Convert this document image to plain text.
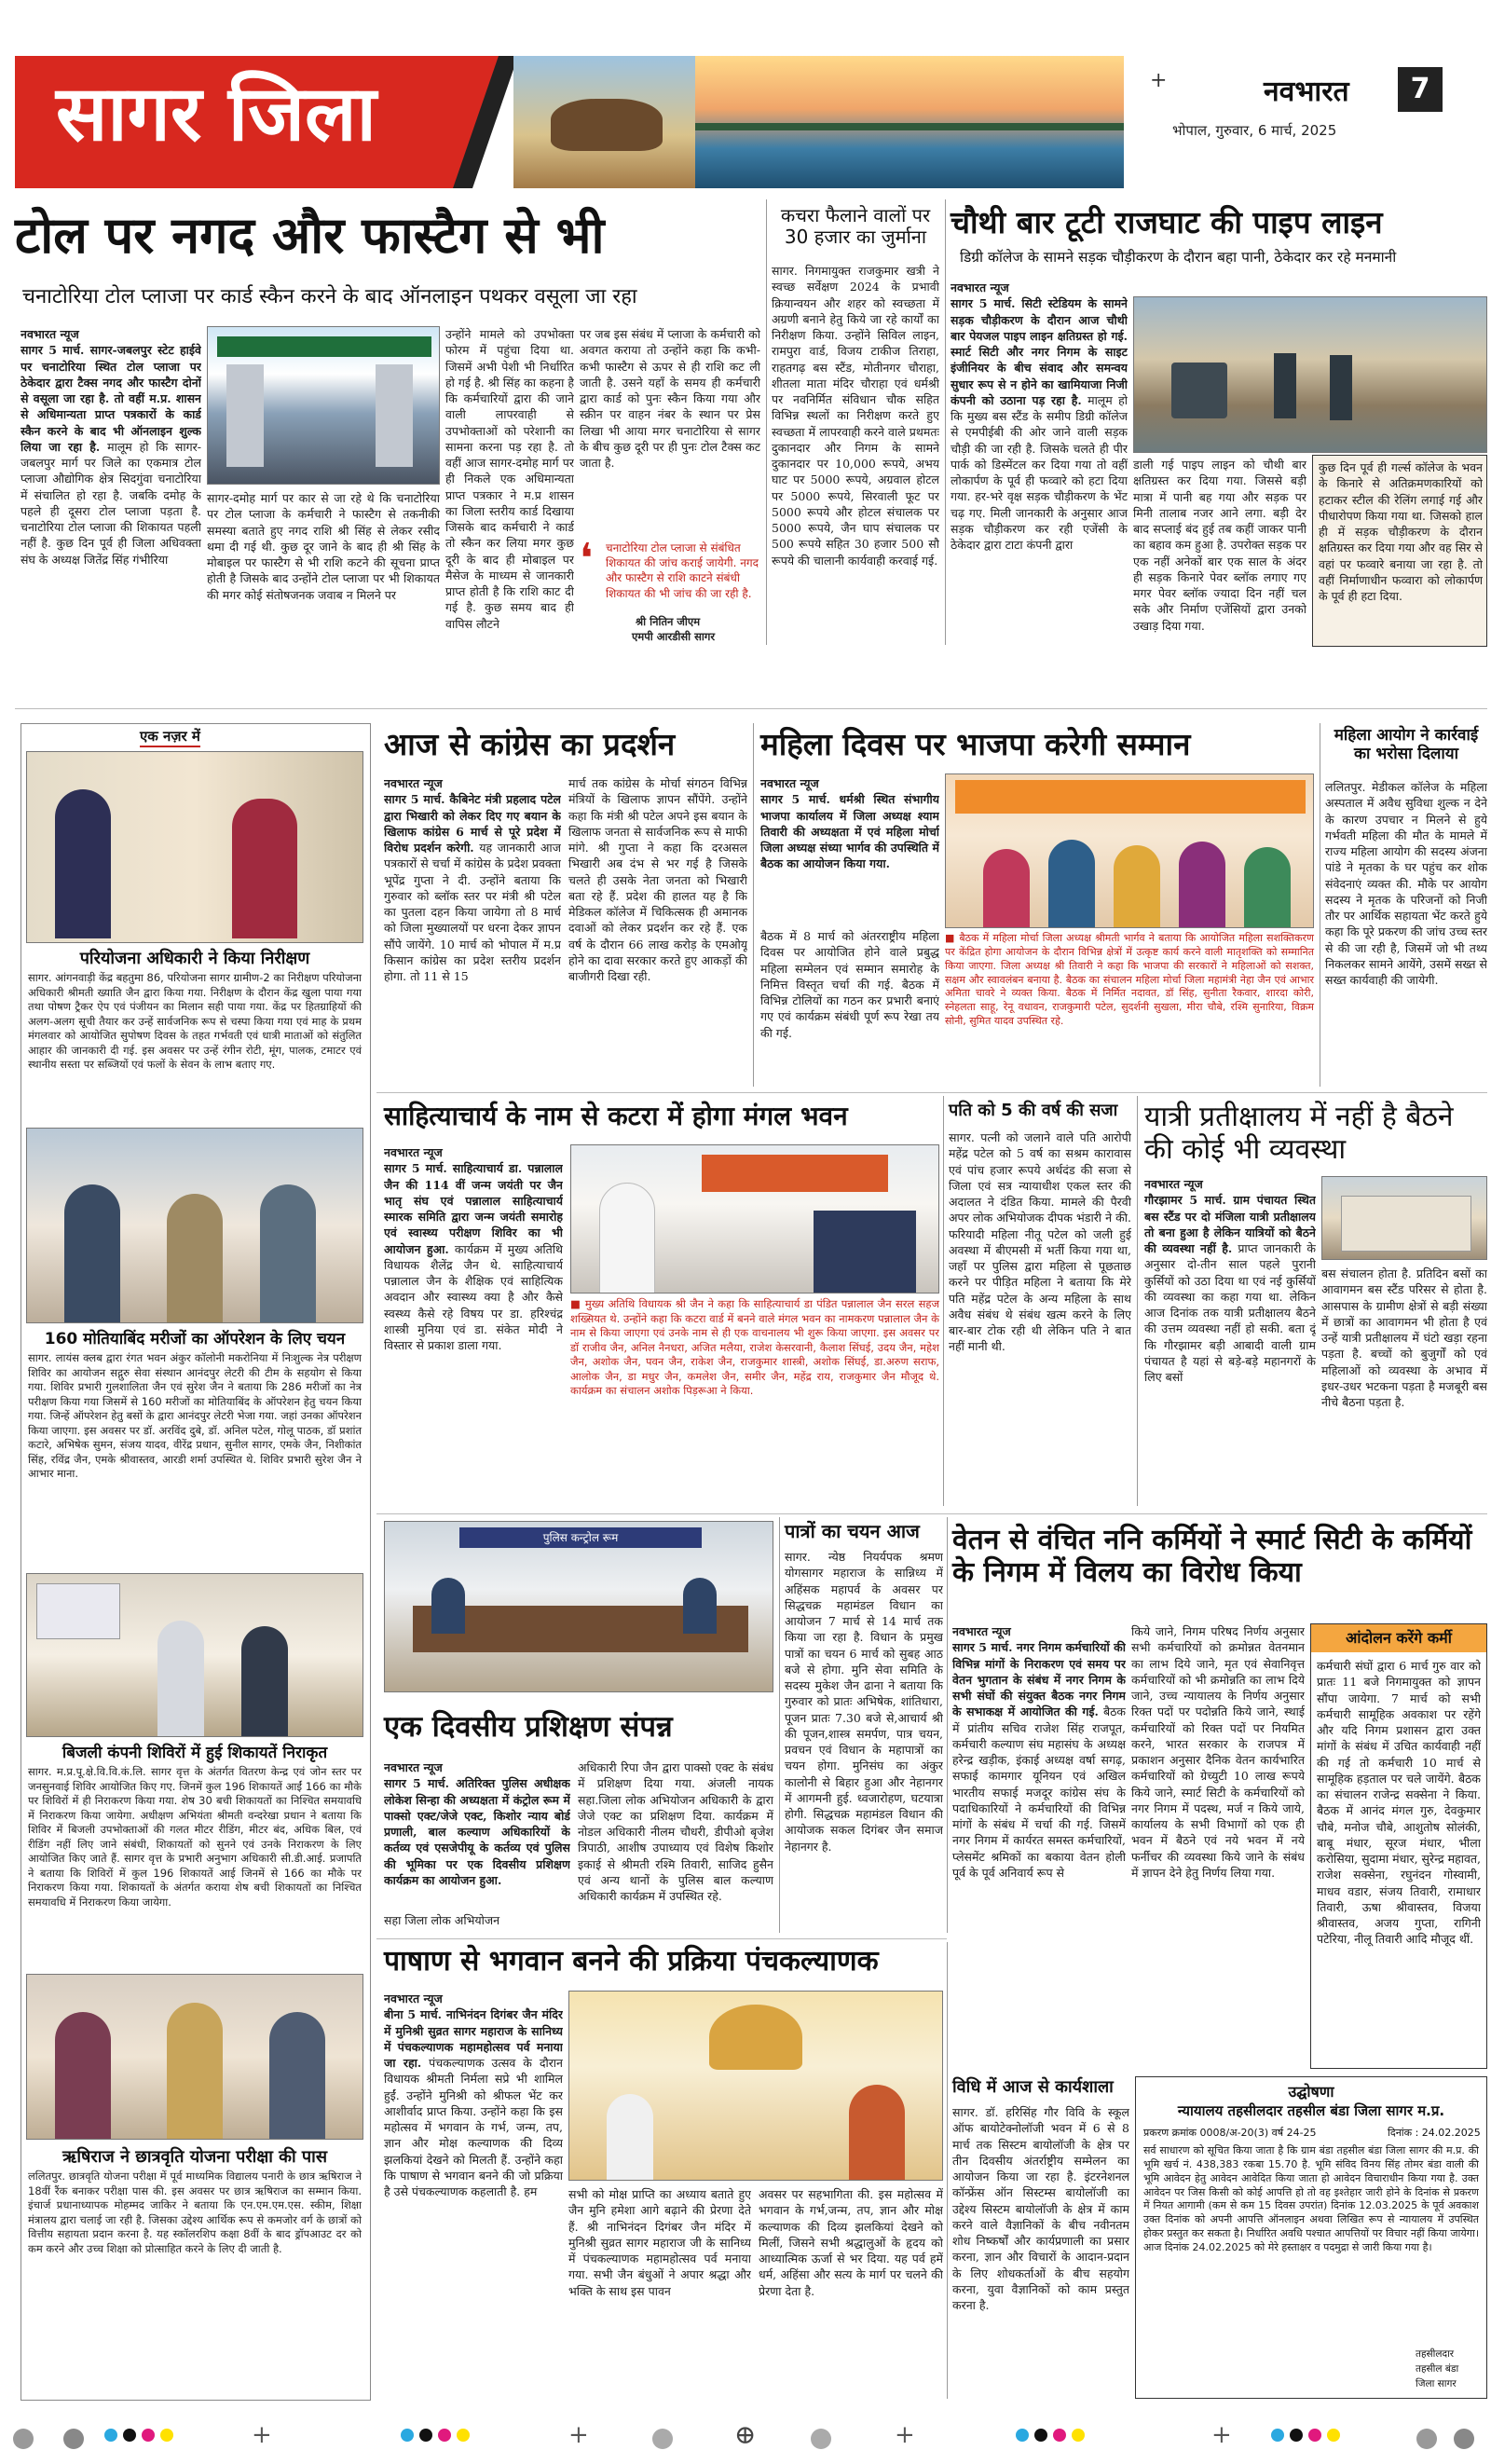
सागर जिला	+	नवभारत	7
भोपाल, गुरुवार, 6 मार्च, 2025
टोल पर नगद और फास्टैग से भी
चनाटोरिया टोल प्लाजा पर कार्ड स्कैन करने के बाद ऑनलाइन पथकर वसूला जा रहा
नवभारत न्यूज
सागर 5 मार्च. सागर-जबलपुर स्टेट हाईवे पर चनाटोरिया स्थित टोल प्लाजा पर ठेकेदार द्वारा टैक्स नगद और फास्टैग दोनों से वसूला जा रहा है. तो वहीं म.प्र. शासन से अधिमान्यता प्राप्त पत्रकारों के कार्ड स्कैन करने के बाद भी ऑनलाइन शुल्क लिया जा रहा है. मालूम हो कि सागर-जबलपुर मार्ग पर जिले का एकमात्र टोल प्लाजा औद्योगिक क्षेत्र सिदगुंवा चनाटोरिया में संचालित हो रहा है. जबकि दमोह के पहले ही दूसरा टोल प्लाजा पड़ता है. चनाटोरिया टोल प्लाजा की शिकायत पहली नहीं है. कुछ दिन पूर्व ही जिला अधिवक्ता संघ के अध्यक्ष जितेंद्र सिंह गंभीरिया
सागर-दमोह मार्ग पर कार से जा रहे थे कि चनाटोरिया पर टोल प्लाजा के कर्मचारी ने फास्टैग से तकनीकी समस्या बताते हुए नगद राशि श्री सिंह से लेकर रसीद थमा दी गई थी. कुछ दूर जाने के बाद ही श्री सिंह के मोबाइल पर फास्टैग से भी राशि कटने की सूचना प्राप्त होती है जिसके बाद उन्होंने टोल प्लाजा पर भी शिकायत की मगर कोई संतोषजनक जवाब न मिलने पर
उन्होंने मामले को उपभोक्ता फोरम में पहुंचा दिया था. जिसमें अभी पेशी भी निर्धारित हो गई है. श्री सिंह का कहना है कि कर्मचारियों द्वारा की जाने वाली लापरवाही से उपभोक्ताओं को परेशानी का सामना करना पड़ रहा है. तो वहीं आज सागर-दमोह मार्ग पर ही निकले एक अधिमान्यता प्राप्त पत्रकार ने म.प्र शासन का जिला स्तरीय कार्ड दिखाया जिसके बाद कर्मचारी ने कार्ड तो स्कैन कर लिया मगर कुछ दूरी के बाद ही मोबाइल पर मैसेज के माध्यम से जानकारी प्राप्त होती है कि राशि काट दी गई है. कुछ समय बाद ही वापिस लौटने
पर जब इस संबंध में प्लाजा के कर्मचारी को अवगत कराया तो उन्होंने कहा कि कभी-कभी फास्टैग से ऊपर से ही राशि कट ली जाती है. उसने यहाँ के समय ही कर्मचारी द्वारा कार्ड को पुनः स्कैन किया गया और स्क्रीन पर वाहन नंबर के स्थान पर प्रेस लिखा भी आया मगर चनाटोरिया से सागर के बीच कुछ दूरी पर ही पुनः टोल टैक्स कट जाता है.
❛ चनाटोरिया टोल प्लाजा से संबंधित शिकायत की जांच कराई जायेगी. नगद और फास्टैग से राशि काटने संबंधी शिकायत की भी जांच की जा रही है.
श्री नितिन जीएम
एमपी आरडीसी सागर
कचरा फैलाने वालों पर 30 हजार का जुर्माना
सागर. निगमायुक्त राजकुमार खत्री ने स्वच्छ सर्वेक्षण 2024 के प्रभावी क्रियान्वयन और शहर को स्वच्छता में अग्रणी बनाने हेतु किये जा रहे कार्यों का निरीक्षण किया. उन्होंने सिविल लाइन, रामपुरा वार्ड, विजय टाकीज तिराहा, राहतगढ़ बस स्टैंड, मोतीनगर चौराहा, शीतला माता मंदिर चौराहा एवं धर्मश्री पर नवनिर्मित संविधान चौक सहित विभिन्न स्थलों का निरीक्षण करते हुए स्वच्छता में लापरवाही करने वाले प्रथमतः दुकानदार और निगम के सामने दुकानदार पर 10,000 रूपये, अभय घाट पर 5000 रूपये, अग्रवाल होटल पर 5000 रूपये, सिरवाली फूट पर 5000 रूपये और होटल संचालक पर 5000 रूपये, जैन घाप संचालक पर 500 रूपये सहित 30 हजार 500 सौ रूपये की चालानी कार्यवाही करवाई गई.
चौथी बार टूटी राजघाट की पाइप लाइन
डिग्री कॉलेज के सामने सड़क चौड़ीकरण के दौरान बहा पानी, ठेकेदार कर रहे मनमानी
नवभारत न्यूज
सागर 5 मार्च. सिटी स्टेडियम के सामने सड़क चौड़ीकरण के दौरान आज चौथी बार पेयजल पाइप लाइन क्षतिग्रस्त हो गई. स्मार्ट सिटी और नगर निगम के साइट इंजीनियर के बीच संवाद और समन्वय सुधार रूप से न होने का खामियाजा निजी कंपनी को उठाना पड़ रहा है. मालूम हो कि मुख्य बस स्टैंड के समीप डिग्री कॉलेज से एमपीईबी की ओर जाने वाली सड़क चौड़ी की जा रही है. जिसके चलते ही पीर पार्क को डिस्मेंटल कर दिया गया तो वहीं लोकार्पण के पूर्व ही फव्वारे को हटा दिया गया. हर-भरे वृक्ष सड़क चौड़ीकरण के भेंट चढ़ गए. मिली जानकारी के अनुसार आज सड़क चौड़ीकरण कर रही एजेंसी के ठेकेदार द्वारा टाटा कंपनी द्वारा
डाली गई पाइप लाइन को चौथी बार क्षतिग्रस्त कर दिया गया. जिससे बड़ी मात्रा में पानी बह गया और सड़क पर मिनी तालाब नजर आने लगा. बड़ी देर बाद सप्लाई बंद हुई तब कहीं जाकर पानी का बहाव कम हुआ है. उपरोक्त सड़क पर एक नहीं अनेकों बार एक साल के अंदर ही सड़क किनारे पेवर ब्लॉक लगाए गए मगर पेवर ब्लॉक ज्यादा दिन नहीं चल सके और निर्माण एजेंसियों द्वारा उनको उखाड़ दिया गया.
कुछ दिन पूर्व ही गर्ल्स कॉलेज के भवन के किनारे से अतिक्रमणकारियों को हटाकर स्टील की रेलिंग लगाई गई और पीधारोपण किया गया था. जिसको हाल ही में सड़क चौड़ीकरण के दौरान क्षतिग्रस्त कर दिया गया और वह सिर से वहां पर फव्वारे बनाया जा रहा है. तो वहीं निर्माणाधीन फव्वारा को लोकार्पण के पूर्व ही हटा दिया.
एक नज़र में
परियोजना अधिकारी ने किया निरीक्षण
सागर. आंगनवाड़ी केंद्र बहतुमा 86, परियोजना सागर ग्रामीण-2 का निरीक्षण परियोजना अधिकारी श्रीमती ख्याति जैन द्वारा किया गया. निरीक्षण के दौरान केंद्र खुला पाया गया तथा पोषण ट्रैकर ऐप एवं पंजीयन का मिलान सही पाया गया. केंद्र पर हितग्राहियों की अलग-अलग सूची तैयार कर उन्हें सार्वजनिक रूप से चस्पा किया गया एवं माह के प्रथम मंगलवार को आयोजित सुपोषण दिवस के तहत गर्भवती एवं धात्री माताओं को संतुलित आहार की जानकारी दी गई. इस अवसर पर उन्हें रंगीन रोटी, मूंग, पालक, टमाटर एवं स्थानीय सस्ता पर सब्जियों एवं फलों के सेवन के लाभ बताए गए.
160 मोतियाबिंद मरीजों का ऑपरेशन के लिए चयन
सागर. लायंस क्लब द्वारा रंगत भवन अंकुर कॉलोनी मकरोनिया में निःशुल्क नेत्र परीक्षण शिविर का आयोजन सद्गुरु सेवा संस्थान आनंदपुर लेटरी की टीम के सहयोग से किया गया. शिविर प्रभारी गुलशालिता जैन एवं सुरेश जैन ने बताया कि 286 मरीजों का नेत्र परीक्षण किया गया जिसमें से 160 मरीजों का मोतियाबिंद के ऑपरेशन हेतु चयन किया गया. जिन्हें ऑपरेशन हेतु बसों के द्वारा आनंदपुर लेटरी भेजा गया. जहां उनका ऑपरेशन किया जाएगा. इस अवसर पर डॉ. अरविंद दुबे, डॉ. अनिल पटेल, गोलू पाठक, डॉ प्रशांत कटारे, अभिषेक सुमन, संजय यादव, वीरेंद्र प्रधान, सुनील सागर, एमके जैन, निशीकांत सिंह, रविंद्र जैन, एमके श्रीवास्तव, आरडी शर्मा उपस्थित थे. शिविर प्रभारी सुरेश जैन ने आभार माना.
बिजली कंपनी शिविरों में हुई शिकायतें निराकृत
सागर. म.प्र.पू.क्षे.वि.वि.कं.लि. सागर वृत्त के अंतर्गत वितरण केन्द्र एवं जोन स्तर पर जनसुनवाई शिविर आयोजित किए गए. जिनमें कुल 196 शिकायतें आईं 166 का मौके पर शिविरों में ही निराकरण किया गया. शेष 30 बची शिकायतों का निश्चित समयावधि में निराकरण किया जायेगा. अधीक्षण अभियंता श्रीमती वन्दरेखा प्रधान ने बताया कि शिविर में बिजली उपभोक्ताओं की गलत मीटर रीडिंग, मीटर बंद, अधिक बिल, एवं रीडिंग नहीं लिए जाने संबंधी, शिकायतों को सुनने एवं उनके निराकरण के लिए आयोजित किए जाते हैं. सागर वृत्त के प्रभारी अनुभाग अधिकारी सी.डी.आई. प्रजापति ने बताया कि शिविरों में कुल 196 शिकायतें आई जिनमें से 166 का मौके पर निराकरण किया गया. शिकायतों के अंतर्गत कराया शेष बची शिकायतों का निश्चित समयावधि में निराकरण किया जायेगा.
ऋषिराज ने छात्रवृति योजना परीक्षा की पास
ललितपुर. छात्रवृति योजना परीक्षा में पूर्व माध्यमिक विद्यालय पनारी के छात्र ऋषिराज ने 18वीं रैंक बनाकर परीक्षा पास की. इस अवसर पर छात्र ऋषिराज का सम्मान किया. इंचार्ज प्रधानाध्यापक मोहम्मद जाकिर ने बताया कि एन.एम.एम.एस. स्कीम, शिक्षा मंत्रालय द्वारा चलाई जा रही है. जिसका उद्देश्य आर्थिक रूप से कमजोर वर्ग के छात्रों को वित्तीय सहायता प्रदान करना है. यह स्कॉलरशिप कक्षा 8वीं के बाद ड्रॉपआउट दर को कम करने और उच्च शिक्षा को प्रोत्साहित करने के लिए दी जाती है.
आज से कांग्रेस का प्रदर्शन
नवभारत न्यूज
सागर 5 मार्च. कैबिनेट मंत्री प्रहलाद पटेल द्वारा भिखारी को लेकर दिए गए बयान के खिलाफ कांग्रेस 6 मार्च से पूरे प्रदेश में विरोध प्रदर्शन करेगी. यह जानकारी आज पत्रकारों से चर्चा में कांग्रेस के प्रदेश प्रवक्ता भूपेंद्र गुप्ता ने दी. उन्होंने बताया कि गुरुवार को ब्लॉक स्तर पर मंत्री श्री पटेल का पुतला दहन किया जायेगा तो 8 मार्च को जिला मुख्यालयों पर धरना देकर ज्ञापन सौंपे जायेंगे. 10 मार्च को भोपाल में म.प्र किसान कांग्रेस का प्रदेश स्तरीय प्रदर्शन होगा. तो 11 से 15
मार्च तक कांग्रेस के मोर्चा संगठन विभिन्न मंत्रियों के खिलाफ ज्ञापन सौंपेंगे. उन्होंने कहा कि मंत्री श्री पटेल अपने इस बयान के खिलाफ जनता से सार्वजनिक रूप से माफी मांगे. श्री गुप्ता ने कहा कि दरअसल भिखारी अब दंभ से भर गई है जिसके चलते ही उसके नेता जनता को भिखारी बता रहे हैं. प्रदेश की हालत यह है कि मेडिकल कॉलेज में चिकित्सक ही अमानक दवाओं को लेकर प्रदर्शन कर रहे हैं. एक वर्ष के दौरान 66 लाख करोड़ के एमओयू होने का दावा सरकार करते हुए आकड़ों की बाजीगरी दिखा रही.
महिला दिवस पर भाजपा करेगी सम्मान
नवभारत न्यूज
सागर 5 मार्च. धर्मश्री स्थित संभागीय भाजपा कार्यालय में जिला अध्यक्ष श्याम तिवारी की अध्यक्षता में एवं महिला मोर्चा जिला अध्यक्ष संध्या भार्गव की उपस्थिति में बैठक का आयोजन किया गया.
बैठक में 8 मार्च को अंतरराष्ट्रीय महिला दिवस पर आयोजित होने वाले प्रबुद्ध महिला सम्मेलन एवं सम्मान समारोह के निमित्त विस्तृत चर्चा की गई. बैठक में विभिन्न टोलियों का गठन कर प्रभारी बनाएं गए एवं कार्यक्रम संबंधी पूर्ण रूप रेखा तय की गई.
■ बैठक में महिला मोर्चा जिला अध्यक्ष श्रीमती भार्गव ने बताया कि आयोजित महिला सशक्तिकरण पर केंद्रित होगा आयोजन के दौरान विभिन्न क्षेत्रों में उत्कृष्ट कार्य करने वाली मातृशक्ति को सम्मानित किया जाएगा. जिला अध्यक्ष श्री तिवारी ने कहा कि भाजपा की सरकारों ने महिलाओं को सशक्त, सक्षम और स्वावलंबन बनाया है. बैठक का संचालन महिला मोर्चा जिला महामंत्री नेहा जैन एवं आभार अमिता चावरे ने व्यक्त किया. बैठक में निर्मित नदावत, डॉ सिंह, सुनीता रैकवार, शारदा कोरी, स्नेहलता साहू, रेनू वधावन, राजकुमारी पटेल, सुदर्शनी सुखला, मीरा चौबे, रश्मि सुनारिया, विक्रम सोनी, सुमित यादव उपस्थित रहे.
महिला आयोग ने कार्रवाई का भरोसा दिलाया
ललितपुर. मेडीकल कॉलेज के महिला अस्पताल में अवैध सुविधा शुल्क न देने के कारण उपचार न मिलने से हुये गर्भवती महिला की मौत के मामले में राज्य महिला आयोग की सदस्य अंजना पांडे ने मृतका के घर पहुंच कर शोक संवेदनाएं व्यक्त की. मौके पर आयोग सदस्य ने मृतक के परिजनों को निजी तौर पर आर्थिक सहायता भेंट करते हुये कहा कि पूरे प्रकरण की जांच उच्च स्तर से की जा रही है, जिसमें जो भी तथ्य निकलकर सामने आयेंगे, उसमें सख्त से सख्त कार्यवाही की जायेगी.
साहित्याचार्य के नाम से कटरा में होगा मंगल भवन
नवभारत न्यूज
सागर 5 मार्च. साहित्याचार्य डा. पन्नालाल जैन की 114 वीं जन्म जयंती पर जैन भातृ संघ एवं पन्नालाल साहित्याचार्य स्मारक समिति द्वारा जन्म जयंती समारोह एवं स्वास्थ्य परीक्षण शिविर का भी आयोजन हुआ. कार्यक्रम में मुख्य अतिथि विधायक शैलेंद्र जैन थे. साहित्याचार्य पन्नालाल जैन के शैक्षिक एवं साहित्यिक अवदान और स्वास्थ्य क्या है और कैसे स्वस्थ्य कैसे रहे विषय पर डा. हरिश्चंद्र शास्त्री मुनिया एवं डा. संकेत मोदी ने विस्तार से प्रकाश डाला गया.
■ मुख्य अतिथि विधायक श्री जैन ने कहा कि साहित्याचार्य डा पंडित पन्नालाल जैन सरल सहज शख्सियत थे. उन्होंने कहा कि कटरा वार्ड में बनने वाले मंगल भवन का नामकरण पन्नालाल जैन के नाम से किया जाएगा एवं उनके नाम से ही एक वाचनालय भी शुरू किया जाएगा. इस अवसर पर डॉ राजीव जैन, अनिल नैनधरा, अजित मलैया, राजेश केसरवानी, कैलाश सिंघई, उदय जैन, महेश जैन, अशोक जैन, पवन जैन, राकेश जैन, राजकुमार शास्त्री, अशोक सिंघई, डा.अरुण सराफ, आलोक जैन, डा मधुर जैन, कमलेश जैन, समीर जैन, महेंद्र राय, राजकुमार जैन मौजूद थे. कार्यक्रम का संचालन अशोक पिड़रूआ ने किया.
पति को 5 की वर्ष की सजा
सागर. पत्नी को जलाने वाले पति आरोपी महेंद्र पटेल को 5 वर्ष का सश्रम कारावास एवं पांच हजार रूपये अर्थदंड की सजा से जिला एवं सत्र न्यायाधीश एकल स्तर की अदालत ने दंडित किया. मामले की पैरवी अपर लोक अभियोजक दीपक भंडारी ने की. फरियादी महिला नीतू पटेल को जली हुई अवस्था में बीएमसी में भर्ती किया गया था, जहाँ पर पुलिस द्वारा महिला से पूछताछ करने पर पीड़ित महिला ने बताया कि मेरे पति महेंद्र पटेल के अन्य महिला के साथ अवैध संबंध थे संबंध खत्म करने के लिए बार-बार टोक रही थी लेकिन पति ने बात नहीं मानी थी.
यात्री प्रतीक्षालय में नहीं है बैठने की कोई भी व्यवस्था
नवभारत न्यूज
गौरझामर 5 मार्च. ग्राम पंचायत स्थित बस स्टैंड पर दो मंजिला यात्री प्रतीक्षालय तो बना हुआ है लेकिन यात्रियों को बैठने की व्यवस्था नहीं है. प्राप्त जानकारी के अनुसार दो-तीन साल पहले पुरानी कुर्सियों को उठा दिया था एवं नई कुर्सियों की व्यवस्था का कहा गया था. लेकिन आज दिनांक तक यात्री प्रतीक्षालय बैठने की उत्तम व्यवस्था नहीं हो सकी. बता दूं कि गौरझामर बड़ी आबादी वाली ग्राम पंचायत है यहां से बड़े-बड़े महानगरों के लिए बसों
बस संचालन होता है. प्रतिदिन बसों का आवागमन बस स्टैंड परिसर से होता है. आसपास के ग्रामीण क्षेत्रों से बड़ी संख्या में छात्रों का आवागमन भी होता है एवं उन्हें यात्री प्रतीक्षालय में घंटो खड़ा रहना पड़ता है. बच्चों को बुजुर्गों को एवं महिलाओं को व्यवस्था के अभाव में इधर-उधर भटकना पड़ता है मजबूरी बस नीचे बैठना पड़ता है.
पुलिस कन्ट्रोल रूम
एक दिवसीय प्रशिक्षण संपन्न
नवभारत न्यूज
सागर 5 मार्च. अतिरिक्त पुलिस अधीक्षक लोकेश सिन्हा की अध्यक्षता में कंट्रोल रूम में पाक्सो एक्ट/जेजे एक्ट, किशोर न्याय बोर्ड प्रणाली, बाल कल्याण अधिकारियों के कर्तव्य एवं एसजेपीयू के कर्तव्य एवं पुलिस की भूमिका पर एक दिवसीय प्रशिक्षण कार्यक्रम का आयोजन हुआ.
सहा जिला लोक अभियोजन
अधिकारी रिपा जैन द्वारा पाक्सो एक्ट के संबंध में प्रशिक्षण दिया गया. अंजली नायक सहा.जिला लोक अभियोजन अधिकारी के द्वारा जेजे एक्ट का प्रशिक्षण दिया. कार्यक्रम में नोडल अधिकारी नीलम चौधरी, डीपीओ बृजेश त्रिपाठी, आशीष उपाध्याय एवं विशेष किशोर इकाई से श्रीमती रश्मि तिवारी, साजिद हुसैन एवं अन्य थानों के पुलिस बाल कल्याण अधिकारी कार्यक्रम में उपस्थित रहे.
पात्रों का चयन आज
सागर. न्येष्ठ नियर्यपक श्रमण योगसागर महाराज के सान्निध्य में अहिंसक महापर्व के अवसर पर सिद्धचक्र महामंडल विधान का आयोजन 7 मार्च से 14 मार्च तक किया जा रहा है. विधान के प्रमुख पात्रों का चयन 6 मार्च को सुबह आठ बजे से होगा. मुनि सेवा समिति के सदस्य मुकेश जैन ढाना ने बताया कि गुरुवार को प्रातः अभिषेक, शांतिधारा, पूजन प्रातः 7.30 बजे से,आचार्य श्री की पूजन,शास्त्र समर्पण, पात्र चयन, प्रवचन एवं विधान के महापात्रों का चयन होगा. मुनिसंघ का अंकुर कालोनी से बिहार हुआ और नेहानगर में आगमनी हुई. ध्वजारोहण, घटयात्रा होगी. सिद्धचक्र महामंडल विधान की आयोजक सकल दिगंबर जैन समाज नेहानगर है.
वेतन से वंचित ननि कर्मियों ने स्मार्ट सिटी के कर्मियों के निगम में विलय का विरोध किया
नवभारत न्यूज
सागर 5 मार्च. नगर निगम कर्मचारियों की विभिन्न मांगों के निराकरण एवं समय पर वेतन भुगतान के संबंध में नगर निगम के सभी संघों की संयुक्त बैठक नगर निगम के सभाकक्ष में आयोजित की गई. बैठक में प्रांतीय सचिव राजेश सिंह राजपूत, कर्मचारी कल्याण संघ महासंघ के अध्यक्ष हरेन्द्र खड़ीक, इंकाई अध्यक्ष वर्षा सगढ़, सफाई कामगार यूनियन एवं अखिल भारतीय सफाई मजदूर कांग्रेस संघ के पदाधिकारियों ने कर्मचारियों की विभिन्न मांगों के संबंध में चर्चा की गई. जिसमें नगर निगम में कार्यरत समस्त कर्मचारियों, प्लेसमेंट श्रमिकों का बकाया वेतन होली पूर्व के पूर्व अनिवार्य रूप से
किये जाने, निगम परिषद निर्णय अनुसार सभी कर्मचारियों को क्रमोन्नत वेतनमान का लाभ दिये जाने, मृत एवं सेवानिवृत्त कर्मचारियों को भी क्रमोन्नति का लाभ दिये जाने, उच्च न्यायालय के निर्णय अनुसार रिक्त पदों पर पदोन्नति किये जाने, स्थाई कर्मचारियों को रिक्त पदों पर नियमित करने, भारत सरकार के राजपत्र में प्रकाशन अनुसार दैनिक वेतन कार्यभारित कर्मचारियों को ग्रेच्युटी 10 लाख रूपये किये जाने, स्मार्ट सिटी के कर्मचारियों को नगर निगम में पदस्थ, मर्ज न किये जाये, कार्यालय के सभी विभागों को एक ही भवन में बैठने एवं नये भवन में नये फर्नीचर की व्यवस्था किये जाने के संबंध में ज्ञापन देने हेतु निर्णय लिया गया.
आंदोलन करेंगे कर्मी
कर्मचारी संघों द्वारा 6 मार्च गुरु वार को प्रातः 11 बजे निगमायुक्त को ज्ञापन सौंपा जायेगा. 7 मार्च को सभी कर्मचारी सामूहिक अवकाश पर रहेंगे और यदि निगम प्रशासन द्वारा उक्त मांगों के संबंध में उचित कार्यवाही नहीं की गई तो कर्मचारी 10 मार्च से सामूहिक हड़ताल पर चले जायेंगे. बैठक का संचालन राजेन्द्र सक्सेना ने किया. बैठक में आनंद मंगल गुरु, देवकुमार चौबे, मनोज चौबे, आशुतोष सोलंकी, बाबू मंधार, सूरज मंधार, भीला करोसिया, सुदामा मंधार, सुरेन्द्र महावत, राजेश सक्सेना, रघुनंदन गोस्वामी, माधव वडार, संजय तिवारी, रामाधार तिवारी, ऊषा श्रीवास्तव, विजया श्रीवास्तव, अजय गुप्ता, रागिनी पटेरिया, नीलू तिवारी आदि मौजूद थीं.
पाषाण से भगवान बनने की प्रक्रिया पंचकल्याणक
नवभारत न्यूज
बीना 5 मार्च. नाभिनंदन दिगंबर जैन मंदिर में मुनिश्री सुव्रत सागर महाराज के सानिध्य में पंचकल्याणक महामहोत्सव पर्व मनाया जा रहा. पंचकल्याणक उत्सव के दौरान विधायक श्रीमती निर्मला सप्रे भी शामिल हुईं. उन्होंने मुनिश्री को श्रीफल भेंट कर आशीर्वाद प्राप्त किया. उन्होंने कहा कि इस महोत्सव में भगवान के गर्भ, जन्म, तप, ज्ञान और मोक्ष कल्याणक की दिव्य झलकियां देखने को मिलती हैं. उन्होंने कहा कि पाषाण से भगवान बनने की जो प्रक्रिया है उसे पंचकल्याणक कहलाती है. हम	सभी को मोक्ष प्राप्ति का अध्याय बताते हुए जैन मुनि हमेशा आगे बढ़ाने की प्रेरणा देते हैं. श्री नाभिनंदन दिगंबर जैन मंदिर में मुनिश्री सुव्रत सागर महाराज जी के सानिध्य में पंचकल्याणक महामहोत्सव पर्व मनाया गया. सभी जैन बंधुओं ने अपार श्रद्धा और भक्ति के साथ इस पावन
अवसर पर सहभागिता की. इस महोत्सव में भगवान के गर्भ,जन्म, तप, ज्ञान और मोक्ष कल्याणक की दिव्य झलकियां देखने को मिलीं, जिसने सभी श्रद्धालुओं के हृदय को आध्यात्मिक ऊर्जा से भर दिया. यह पर्व हमें धर्म, अहिंसा और सत्य के मार्ग पर चलने की प्रेरणा देता है.
विधि में आज से कार्यशाला
सागर. डॉ. हरिसिंह गौर विवि के स्कूल ऑफ बायोटेक्नोलॉजी भवन में 6 से 8 मार्च तक सिस्टम बायोलॉजी के क्षेत्र पर तीन दिवसीय अंतर्राष्ट्रीय सम्मेलन का आयोजन किया जा रहा है. इंटरनेशनल कॉन्फ्रेंस ऑन सिस्टम्स बायोलॉजी का उद्देश्य सिस्टम बायोलॉजी के क्षेत्र में काम करने वाले वैज्ञानिकों के बीच नवीनतम शोध निष्कर्षों और कार्यप्रणाली का प्रसार करना, ज्ञान और विचारों के आदान-प्रदान के लिए शोधकर्ताओं के बीच सहयोग करना, युवा वैज्ञानिकों को काम प्रस्तुत करना है.
उद्घोषणा
न्यायालय तहसीलदार तहसील बंडा जिला सागर म.प्र.
प्रकरण क्रमांक 0008/अ-20(3) वर्ष 24-25	दिनांक : 24.02.2025
सर्व साधारण को सूचित किया जाता है कि ग्राम बंडा तहसील बंडा जिला सागर की म.प्र. की भूमि खर्च नं. 438,383 रकबा 15.70 है. भूमि संविद विनय सिंह तोमर बंडा वाली की भूमि आवेदन हेतु आवेदन आवेदित किया जाता हो आवेदन विचाराधीन किया गया है. उक्त आवेदन पर जिस किसी को कोई आपत्ति हो तो वह इश्तेहार जारी होने के दिनांक से प्रकरण में नियत आगामी (कम से कम 15 दिवस उपरांत) दिनांक 12.03.2025 के पूर्व अवकाश उक्त दिनांक को अपनी आपत्ति ऑनलाइन अथवा लिखित रूप से न्यायालय में उपस्थित होकर प्रस्तुत कर सकता है। निर्धारित अवधि पश्चात आपत्तियों पर विचार नहीं किया जायेगा। आज दिनांक 24.02.2025 को मेरे हस्ताक्षर व पदमुद्रा से जारी किया गया है।
तहसीलदार
तहसील बंडा
जिला सागर
+	+	⊕	+	+
